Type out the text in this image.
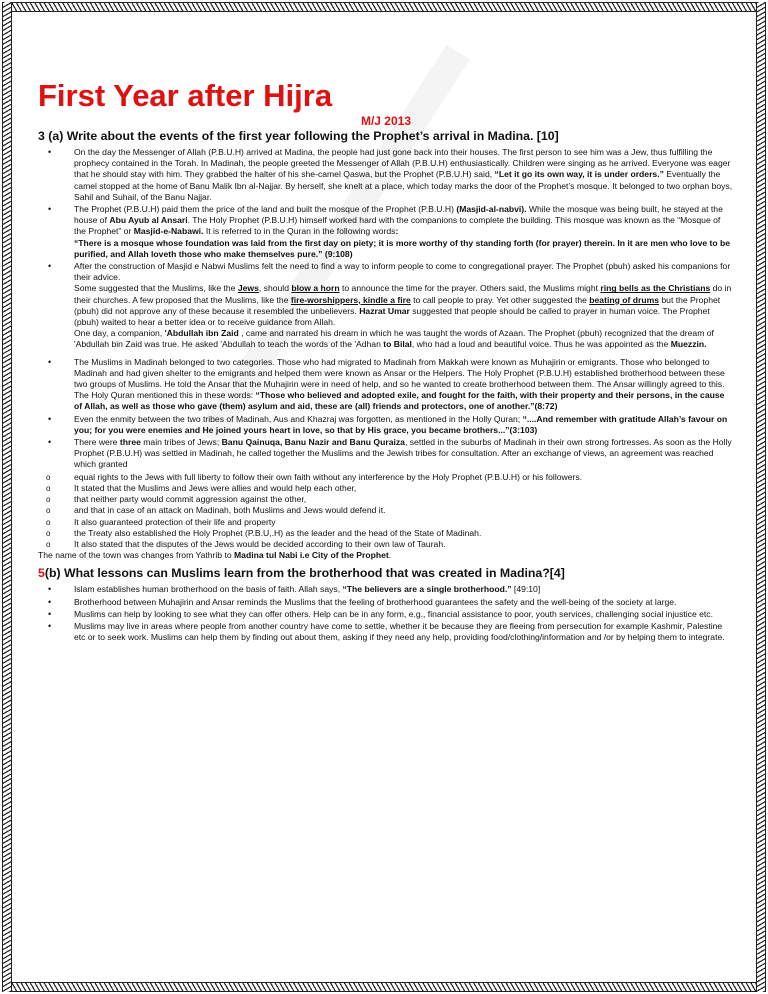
First Year after Hijra
M/J 2013
3 (a) Write about the events of the first year following the Prophet’s arrival in Madina. [10]
• On the day the Messenger of Allah (P.B.U.H) arrived at Madina, the people had just gone back into their houses. The first person to see him was a Jew, thus fulfilling the prophecy contained in the Torah. In Madinah, the people greeted the Messenger of Allah (P.B.U.H) enthusiastically. Children were singing as he arrived. Everyone was eager that he should stay with him. They grabbed the halter of his she-camel Qaswa, but the Prophet (P.B.U.H) said, “Let it go its own way, it is under orders.” Eventually the camel stopped at the home of Banu Malik Ibn al-Najjar. By herself, she knelt at a place, which today marks the door of the Prophet’s mosque. It belonged to two orphan boys, Sahil and Suhail, of the Banu Najjar.
• The Prophet (P.B.U.H) paid them the price of the land and built the mosque of the Prophet (P.B.U.H) (Masjid-al-nabvi). While the mosque was being built, he stayed at the house of Abu Ayub al Ansari. The Holy Prophet (P.B.U.H) himself worked hard with the companions to complete the building. This mosque was known as the “Mosque of the Prophet” or Masjid-e-Nabawi. It is referred to in the Quran in the following words:
“There is a mosque whose foundation was laid from the first day on piety; it is more worthy of thy standing forth (for prayer) therein. In it are men who love to be purified, and Allah loveth those who make themselves pure.” (9:108)
• After the construction of Masjid e Nabwi Muslims felt the need to find a way to inform people to come to congregational prayer. The Prophet (pbuh) asked his companions for their advice.
Some suggested that the Muslims, like the Jews, should blow a horn to announce the time for the prayer. Others said, the Muslims might ring bells as the Christians do in their churches. A few proposed that the Muslims, like the fire-worshippers, kindle a fire to call people to pray. Yet other suggested the beating of drums but the Prophet (pbuh) did not approve any of these because it resembled the unbelievers. Hazrat Umar suggested that people should be called to prayer in human voice. The Prophet (pbuh) waited to hear a better idea or to receive guidance from Allah.
One day, a companion, 'Abdullah ibn Zaid , came and narrated his dream in which he was taught the words of Azaan. The Prophet (pbuh) recognized that the dream of 'Abdullah bin Zaid was true. He asked 'Abdullah to teach the words of the 'Adhan to Bilal, who had a loud and beautiful voice. Thus he was appointed as the Muezzin.
• The Muslims in Madinah belonged to two categories. Those who had migrated to Madinah from Makkah were known as Muhajirin or emigrants. Those who belonged to Madinah and had given shelter to the emigrants and helped them were known as Ansar or the Helpers. The Holy Prophet (P.B.U.H) established brotherhood between these two groups of Muslims. He told the Ansar that the Muhajirin were in need of help, and so he wanted to create brotherhood between them. The Ansar willingly agreed to this. The Holy Quran mentioned this in these words: “Those who believed and adopted exile, and fought for the faith, with their property and their persons, in the cause of Allah, as well as those who gave (them) asylum and aid, these are (all) friends and protectors, one of another.”(8:72)
• Even the enmity between the two tribes of Madinah, Aus and Khazraj was forgotten, as mentioned in the Holly Quran; “....And remember with gratitude Allah’s favour on you; for you were enemies and He joined yours heart in love, so that by His grace, you became brothers...”(3:103)
• There were three main tribes of Jews; Banu Qainuqa, Banu Nazir and Banu Quraiza, settled in the suburbs of Madinah in their own strong fortresses. As soon as the Holly Prophet (P.B.U.H) was settled in Madinah, he called together the Muslims and the Jewish tribes for consultation. After an exchange of views, an agreement was reached which granted
o equal rights to the Jews with full liberty to follow their own faith without any interference by the Holy Prophet (P.B.U.H) or his followers.
o It stated that the Muslims and Jews were allies and would help each other,
o that neither party would commit aggression against the other,
o and that in case of an attack on Madinah, both Muslims and Jews would defend it.
o It also guaranteed protection of their life and property
o the Treaty also established the Holy Prophet (P.B.U,.H) as the leader and the head of the State of Madinah.
o It also stated that the disputes of the Jews would be decided according to their own law of Taurah.
The name of the town was changes from Yathrib to Madina tul Nabi i.e City of the Prophet.
5(b) What lessons can Muslims learn from the brotherhood that was created in Madina?[4]
• Islam establishes human brotherhood on the basis of faith. Allah says, “The believers are a single brotherhood.” [49:10]
• Brotherhood between Muhajirin and Ansar reminds the Muslims that the feeling of brotherhood guarantees the safety and the well-being of the society at large.
• Muslims can help by looking to see what they can offer others. Help can be in any form, e.g., financial assistance to poor, youth services, challenging social injustice etc.
• Muslims may live in areas where people from another country have come to settle, whether it be because they are fleeing from persecution for example Kashmir, Palestine etc or to seek work. Muslims can help them by finding out about them, asking if they need any help, providing food/clothing/information and /or by helping them to integrate.
